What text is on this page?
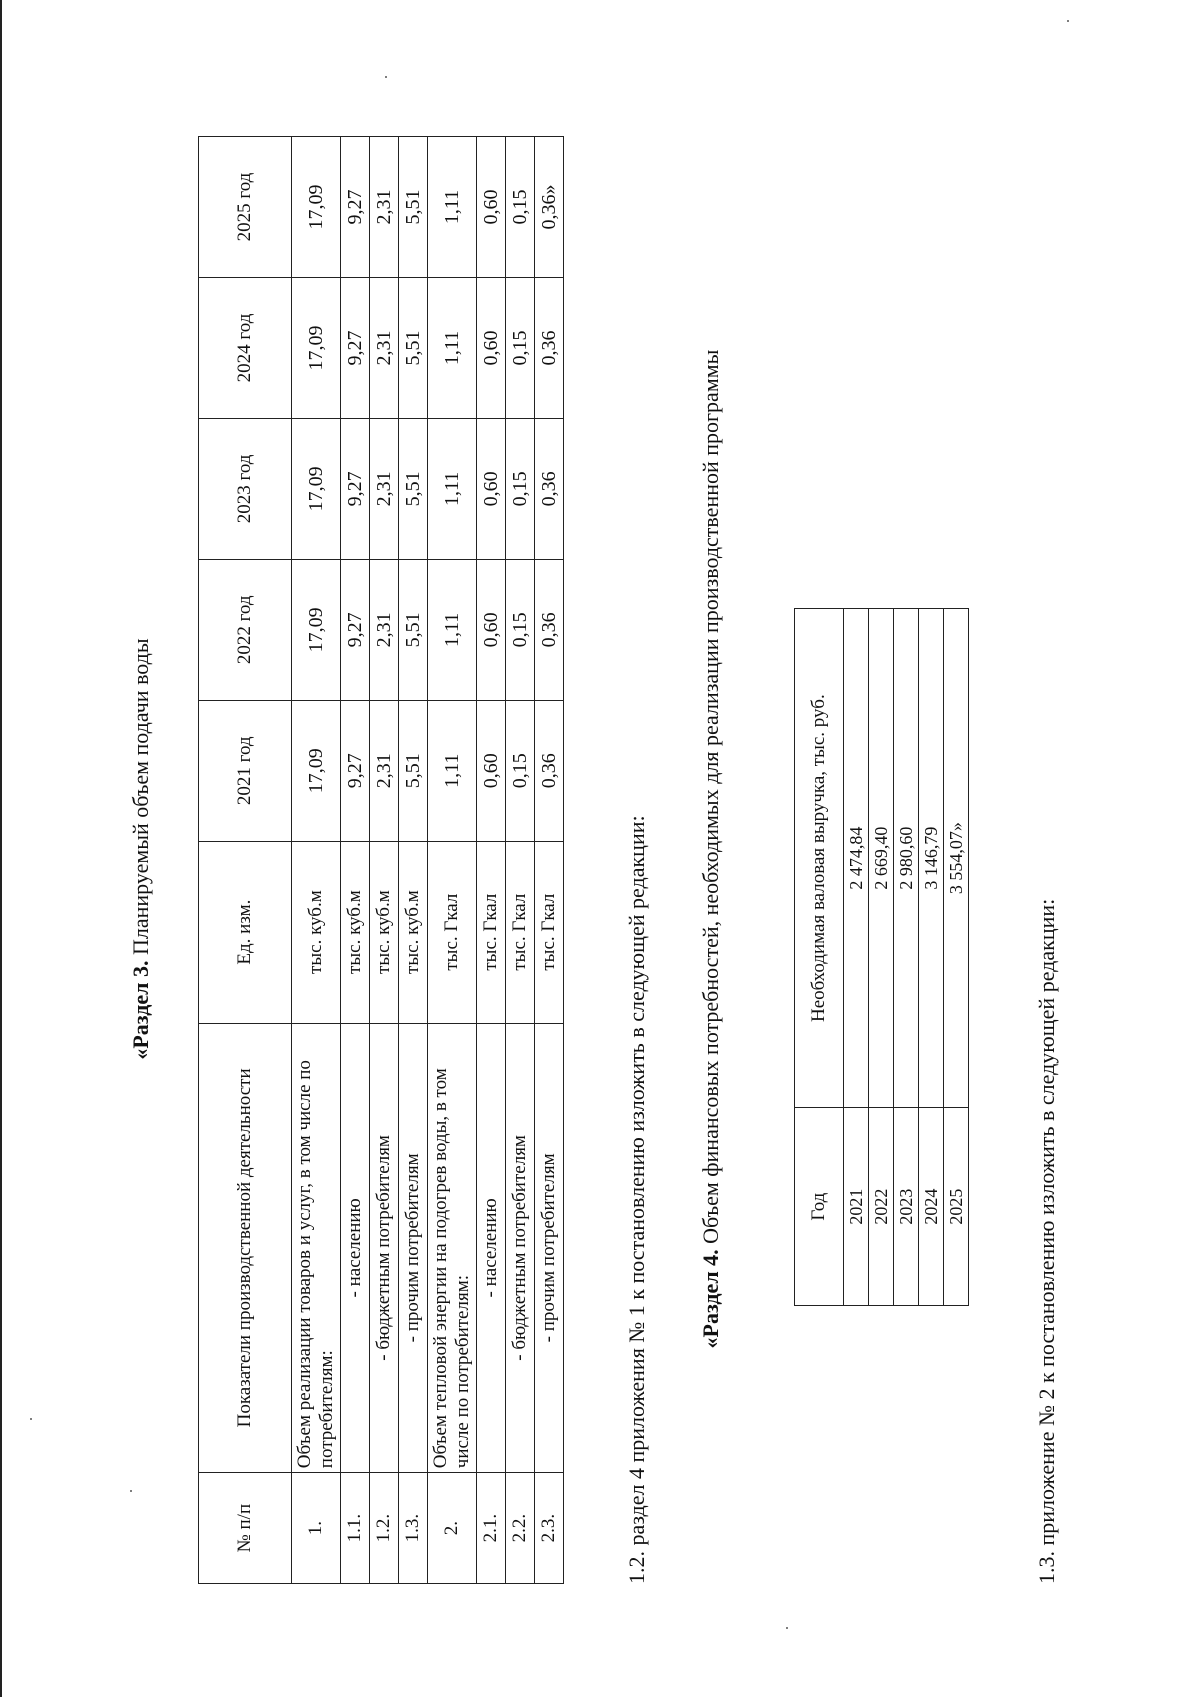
«Раздел 3. Планируемый объем подачи воды
№ п/п	Показатели производственной деятельности	Ед. изм.	2021 год	2022 год	2023 год	2024 год	2025 год
1.	Объем реализации товаров и услуг, в том числе по потребителям:	тыс. куб.м	17,09	17,09	17,09	17,09	17,09
1.1.	- населению	тыс. куб.м	9,27	9,27	9,27	9,27	9,27
1.2.	- бюджетным потребителям	тыс. куб.м	2,31	2,31	2,31	2,31	2,31
1.3.	- прочим потребителям	тыс. куб.м	5,51	5,51	5,51	5,51	5,51
2.	Объем тепловой энергии на подогрев воды, в том числе по потребителям:	тыс. Гкал	1,11	1,11	1,11	1,11	1,11
2.1.	- населению	тыс. Гкал	0,60	0,60	0,60	0,60	0,60
2.2.	- бюджетным потребителям	тыс. Гкал	0,15	0,15	0,15	0,15	0,15
2.3.	- прочим потребителям	тыс. Гкал	0,36	0,36	0,36	0,36	0,36»

1.2. раздел 4 приложения № 1 к постановлению изложить в следующей редакции: «Раздел 4. Объем финансовых потребностей, необходимых для реализации производственной программы	Год	Необходимая валовая выручка, тыс. руб.
2021	2 474,84
2022	2 669,40
2023	2 980,60
2024	3 146,79
2025	3 554,07»

1.3. приложение № 2 к постановлению изложить в следующей редакции:
